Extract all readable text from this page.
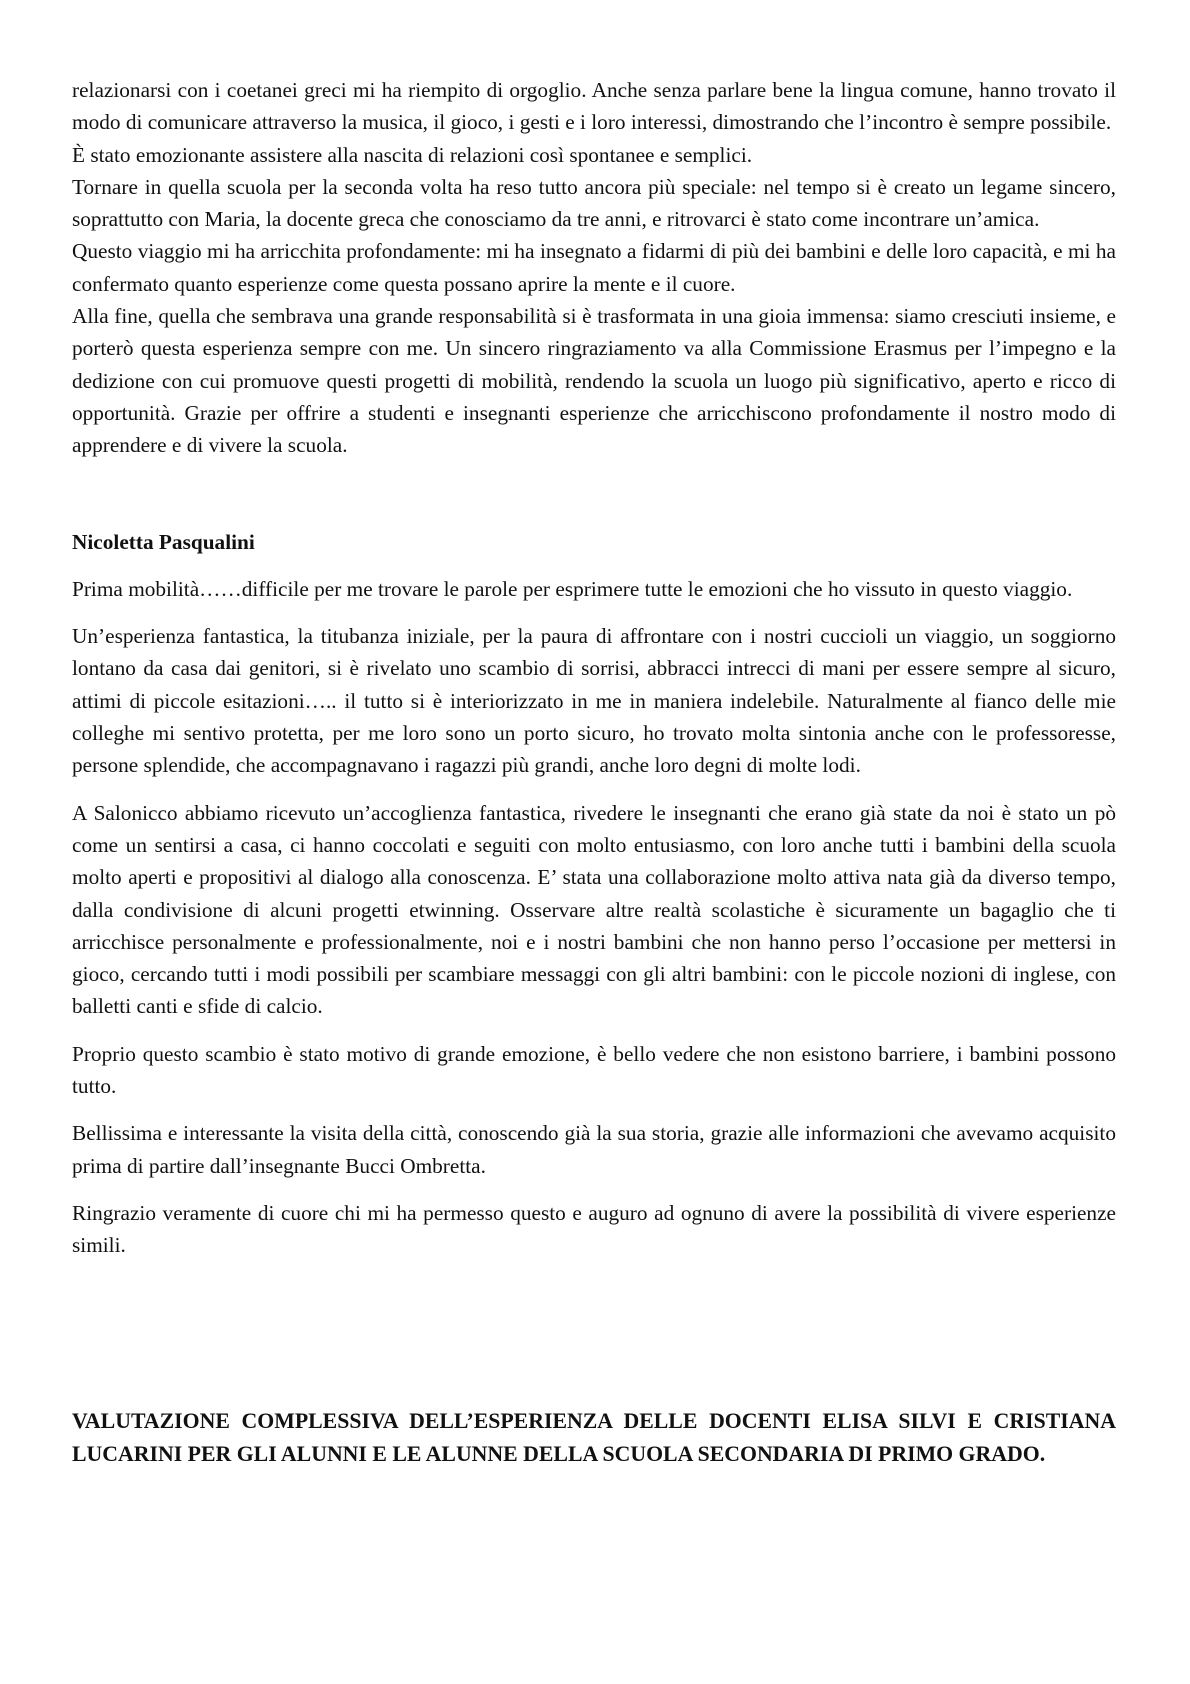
relazionarsi con i coetanei greci mi ha riempito di orgoglio. Anche senza parlare bene la lingua comune, hanno trovato il modo di comunicare attraverso la musica, il gioco, i gesti e i loro interessi, dimostrando che l’incontro è sempre possibile.

È stato emozionante assistere alla nascita di relazioni così spontanee e semplici.

Tornare in quella scuola per la seconda volta ha reso tutto ancora più speciale: nel tempo si è creato un legame sincero, soprattutto con Maria, la docente greca che conosciamo da tre anni, e ritrovarci è stato come incontrare un’amica.

Questo viaggio mi ha arricchita profondamente: mi ha insegnato a fidarmi di più dei bambini e delle loro capacità, e mi ha confermato quanto esperienze come questa possano aprire la mente e il cuore.

Alla fine, quella che sembrava una grande responsabilità si è trasformata in una gioia immensa: siamo cresciuti insieme, e porterò questa esperienza sempre con me. Un sincero ringraziamento va alla Commissione Erasmus per l’impegno e la dedizione con cui promuove questi progetti di mobilità, rendendo la scuola un luogo più significativo, aperto e ricco di opportunità. Grazie per offrire a studenti e insegnanti esperienze che arricchiscono profondamente il nostro modo di apprendere e di vivere la scuola.

Nicoletta Pasqualini

Prima mobilità……difficile per me trovare le parole per esprimere tutte le emozioni che ho vissuto in questo viaggio.

Un’esperienza fantastica, la titubanza iniziale, per la paura di affrontare con i nostri cuccioli un viaggio, un soggiorno lontano da casa dai genitori, si è rivelato uno scambio di sorrisi, abbracci intrecci di mani per essere sempre al sicuro, attimi di piccole esitazioni….. il tutto si è interiorizzato in me in maniera indelebile. Naturalmente al fianco delle mie colleghe mi sentivo protetta, per me loro sono un porto sicuro, ho trovato molta sintonia anche con le professoresse, persone splendide, che accompagnavano i ragazzi più grandi, anche loro degni di molte lodi.

A Salonicco abbiamo ricevuto un’accoglienza fantastica, rivedere le insegnanti che erano già state da noi è stato un pò come un sentirsi a casa, ci hanno coccolati e seguiti con molto entusiasmo, con loro anche tutti i bambini della scuola molto aperti e propositivi al dialogo alla conoscenza. E’ stata una collaborazione molto attiva nata già da diverso tempo, dalla condivisione di alcuni progetti etwinning. Osservare altre realtà scolastiche è sicuramente un bagaglio che ti arricchisce personalmente e professionalmente, noi e i nostri bambini che non hanno perso l’occasione per mettersi in gioco, cercando tutti i modi possibili per scambiare messaggi con gli altri bambini: con le piccole nozioni di inglese, con balletti canti e sfide di calcio.

Proprio questo scambio è stato motivo di grande emozione, è bello vedere che non esistono barriere, i bambini possono tutto.

Bellissima e interessante la visita della città, conoscendo già la sua storia, grazie alle informazioni che avevamo acquisito prima di partire dall’insegnante Bucci Ombretta.

Ringrazio veramente di cuore chi mi ha permesso questo e auguro ad ognuno di avere la possibilità di vivere esperienze simili.

VALUTAZIONE COMPLESSIVA DELL’ESPERIENZA DELLE DOCENTI ELISA SILVI E CRISTIANA LUCARINI PER GLI ALUNNI E LE ALUNNE DELLA SCUOLA SECONDARIA DI PRIMO GRADO.
